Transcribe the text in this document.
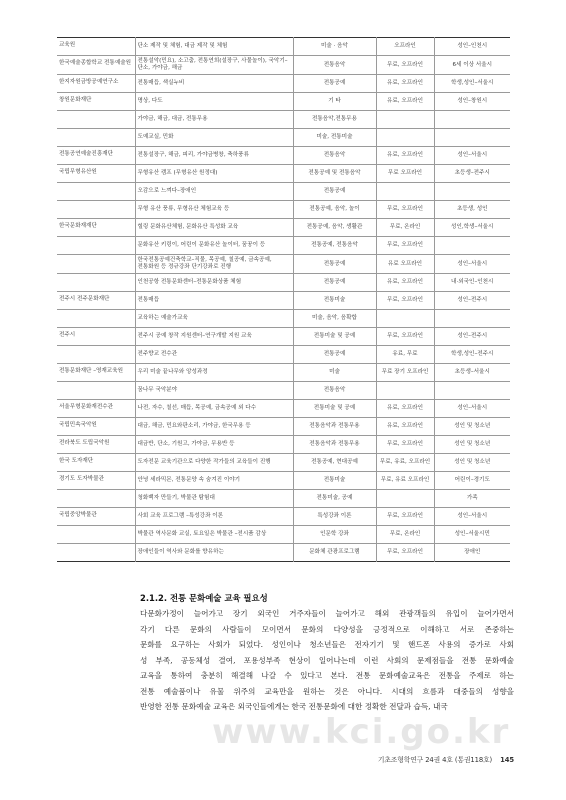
교육원	단소 제작 및 체험, 대금 제작 및 체험	미술 · 음악	오프라인	성인–인천시
한국예술종합학교 전통예술원	전통설악(민요), 소고춤, 전통연희(설장구, 사물놀이), 국악기–단소, 가야금, 해금	전통음악	무료, 오프라인	6세 이상 서울시
한지자원금방공예연구소	전통매듭, 색실누비	전통공예	유료, 오프라인	학생,성인–서울시
창원문화재단	명상, 다도	기 타	유료, 오프라인	성인–창원시
	가야금, 해금, 대금, 전통무용	전통음악,전통무용		
	도예교실, 민화	미술, 전통미술		
전통공연예술진흥재단	전통설장구, 해금, 피리, 가야금병창, 축하풍류	전통음악	유료, 오프라인	성인–서울시
국립무형유산원	무형유산 캠프 (무형유산 원정대)	전통공예 및 전통음악	무료 오프라인	초등생–전주시
	오감으로 느껴다–장애인	전통공예		
	무형 유산 풍류, 무형유산 체험교육 등	전통공예, 음악, 놀이	무료, 오프라인	초등생, 성인
한국문화재재단	힐링 문화유산체험, 문화유산 특성화 교육	전통공예, 음악, 생활관	무료, 온라인	성인,학생–서울시
	문화유산 키링이, 어린이 문화유산 놀이터, 꿈꿍이 등	전통공예, 전통음악	무료, 오프라인	
	한국전통공예건축학교–직물, 목공예, 칠공예, 금속공예, 전통화원 등 정규강좌 단기강좌로 진행	전통공예	유료 오프라인	성인–서울시
	인천공항 전통문화센터–전통문화상품 체험	전통공예	유료, 오프라인	내·외국인–인천시
전주시 전주문화재단	전통매듭	전통미술	무료, 오프라인	성인–전주시
	교육하는 예술가교육	미술, 음악, 음확합		
전주시	전주시 공예 창작 지원센터–연구개발 지원 교육	전통미술 및 공예	무료, 오프라인	성인–전주시
	전주향교 전수관	전통공예	유료, 무료	학생,성인–전주시
전통문화재단 –영재교육원	우리 미술 끝나무와 앙성과정	미술	무료 장기 오프라인	초등생–서울시
	꿈나무 국악분야	전통음악		
서울무형문화재전수관	나전, 자수, 칠선, 매듭, 목공예, 금속공예 외 다수	전통미술 및 공예	유료, 오프라인	성인–서울시
국립민속국악원	대금, 해금, 민요와판소리, 가야금, 한국무용 등	전통음악과 전통무용	유료, 오프라인	성인 및 청소년
전라북도 도립국악원	대금반, 단소, 기원고, 가야금, 무용반 등	전통음악과 전통무용	무료, 오프라인	성인 및 청소년
한국 도자재단	도자전문 교육기관으로 다양한 작가들의 교육들이 진행	전통공예, 현대공예	무료, 유료, 오프라인	성인 및 청소년
경기도 도자박물관	안녕 세라믹몬, 전통문양 속 숨겨진 이야기	전통미술	무료, 유료 오프라인	어린이–경기도
	청화백자 만들기, 박물관 탐험대	전통미술, 공예		가족
국립중앙박물관	사회 교육 프로그램 –특성강좌 이론	특성강좌 이론	무료, 오프라인	성인–서울시
	박물관 역사문화 교실, 토요일은 박물관 –전시품 감상	인문학 강좌	무료, 온라인	성인–서울시민
	장애인들이 역사와 문화를 향유하는	문화체 관광프로그램	무료, 오프라인	장애인
www.kci.go.kr
2.1.2. 전통 문화예술 교육 필요성
다문화가정이 늘어가고 장기 외국인 거주자들이 늘어가고 해외 관광객들의 유입이 늘어가면서
각기 다른 문화의 사람들이 모이면서 문화의 다양성을 긍정적으로 이해하고 서로 존중하는
문화를 요구하는 사회가 되었다. 성인이나 청소년들은 전자기기 및 핸드폰 사용의 증가로 사회
성 부족, 공동체성 결여, 포용성부족 현상이 일어나는데 이런 사회의 문제점들을 전통 문화예술
교육을 통하여 충분히 해결해 나갈 수 있다고 본다. 전통 문화예술교육은 전통을 주제로 하는
전통 예술품이나 유물 위주의 교육만을 원하는 것은 아니다. 시대의 흐름과 대중들의 성향을
반영한 전통 문화예술 교육은 외국인들에게는 한국 전통문화에 대한 정확한 전달과 습득, 내국
기초조형학연구 24권 4호 (통권118호) 145
